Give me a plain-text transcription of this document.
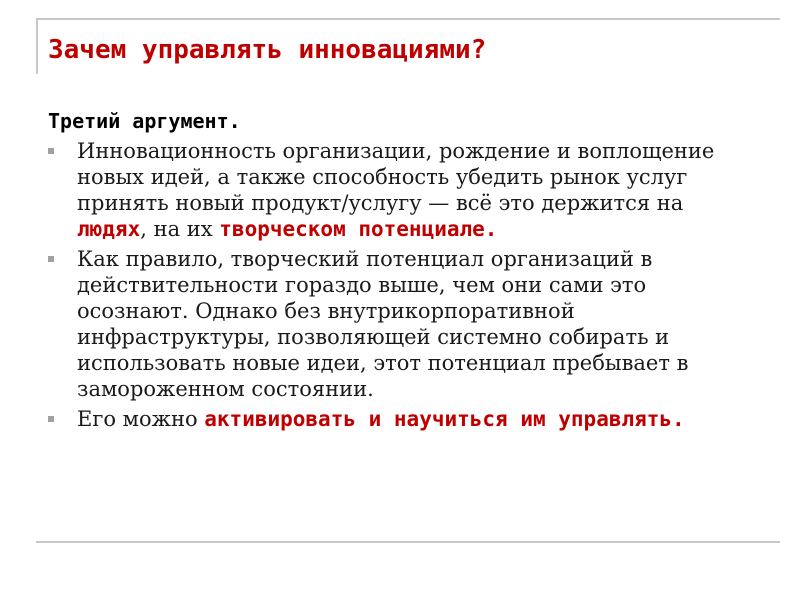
Зачем управлять инновациями?
Третий аргумент.
Инновационность организации, рождение и воплощение новых идей, а также способность убедить рынок услуг принять новый продукт/услугу — всё это держится на людях, на их творческом потенциале.
Как правило, творческий потенциал организаций в действительности гораздо выше, чем они сами это осознают. Однако без внутрикорпоративной инфраструктуры, позволяющей системно собирать и использовать новые идеи, этот потенциал пребывает в замороженном состоянии.
Его можно активировать и научиться им управлять.
